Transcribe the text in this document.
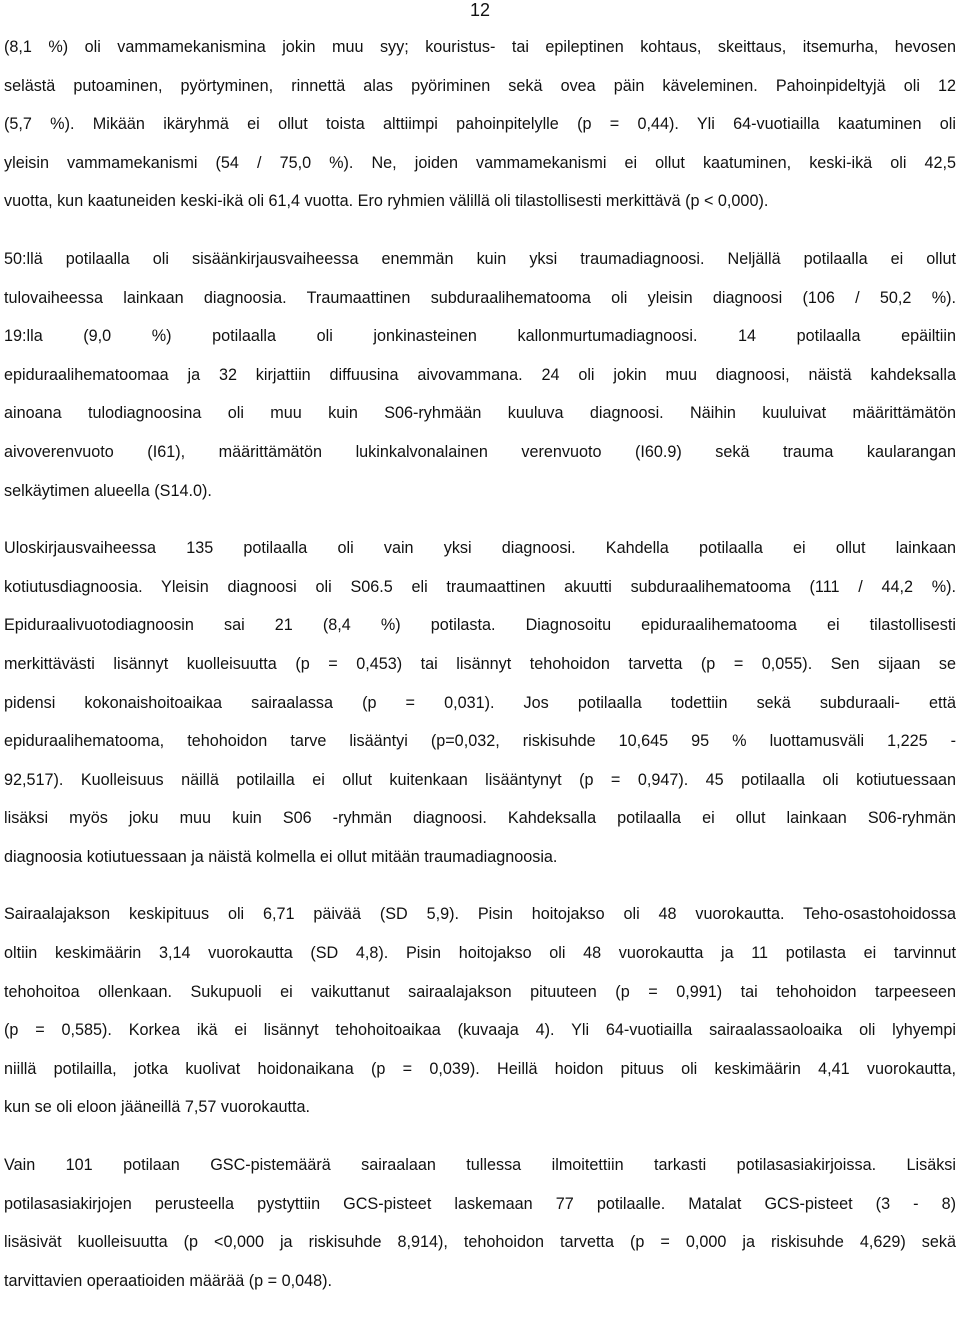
12

(8,1 %) oli vammamekanismina jokin muu syy; kouristus- tai epileptinen kohtaus, skeittaus, itsemurha, hevosen
selästä putoaminen, pyörtyminen, rinnettä alas pyöriminen sekä ovea päin käveleminen. Pahoinpideltyjä oli 12
(5,7 %). Mikään ikäryhmä ei ollut toista alttiimpi pahoinpitelylle (p = 0,44). Yli 64-vuotiailla kaatuminen oli
yleisin vammamekanismi (54 / 75,0 %). Ne, joiden vammamekanismi ei ollut kaatuminen, keski-ikä oli 42,5
vuotta, kun kaatuneiden keski-ikä oli 61,4 vuotta. Ero ryhmien välillä oli tilastollisesti merkittävä (p < 0,000).

50:llä potilaalla oli sisäänkirjausvaiheessa enemmän kuin yksi traumadiagnoosi. Neljällä potilaalla ei ollut
tulovaiheessa lainkaan diagnoosia. Traumaattinen subduraalihematooma oli yleisin diagnoosi (106 / 50,2 %).
19:lla (9,0 %) potilaalla oli jonkinasteinen kallonmurtumadiagnoosi. 14 potilaalla epäiltiin
epiduraalihematoomaa ja 32 kirjattiin diffuusina aivovammana. 24 oli jokin muu diagnoosi, näistä kahdeksalla
ainoana tulodiagnoosina oli muu kuin S06-ryhmään kuuluva diagnoosi. Näihin kuuluivat määrittämätön
aivoverenvuoto (I61), määrittämätön lukinkalvonalainen verenvuoto (I60.9) sekä trauma kaularangan
selkäytimen alueella (S14.0).

Uloskirjausvaiheessa 135 potilaalla oli vain yksi diagnoosi. Kahdella potilaalla ei ollut lainkaan
kotiutusdiagnoosia. Yleisin diagnoosi oli S06.5 eli traumaattinen akuutti subduraalihematooma (111 / 44,2 %).
Epiduraalivuotodiagnoosin sai 21 (8,4 %) potilasta. Diagnosoitu epiduraalihematooma ei tilastollisesti
merkittävästi lisännyt kuolleisuutta (p = 0,453) tai lisännyt tehohoidon tarvetta (p = 0,055). Sen sijaan se
pidensi kokonaishoitoaikaa sairaalassa (p = 0,031). Jos potilaalla todettiin sekä subduraali- että
epiduraalihematooma, tehohoidon tarve lisääntyi (p=0,032, riskisuhde 10,645 95 % luottamusväli 1,225 -
92,517). Kuolleisuus näillä potilailla ei ollut kuitenkaan lisääntynyt (p = 0,947). 45 potilaalla oli kotiutuessaan
lisäksi myös joku muu kuin S06 -ryhmän diagnoosi. Kahdeksalla potilaalla ei ollut lainkaan S06-ryhmän
diagnoosia kotiutuessaan ja näistä kolmella ei ollut mitään traumadiagnoosia.

Sairaalajakson keskipituus oli 6,71 päivää (SD 5,9). Pisin hoitojakso oli 48 vuorokautta. Teho-osastohoidossa
oltiin keskimäärin 3,14 vuorokautta (SD 4,8). Pisin hoitojakso oli 48 vuorokautta ja 11 potilasta ei tarvinnut
tehohoitoa ollenkaan. Sukupuoli ei vaikuttanut sairaalajakson pituuteen (p = 0,991) tai tehohoidon tarpeeseen
(p = 0,585). Korkea ikä ei lisännyt tehohoitoaikaa (kuvaaja 4). Yli 64-vuotiailla sairaalassaoloaika oli lyhyempi
niillä potilailla, jotka kuolivat hoidonaikana (p = 0,039). Heillä hoidon pituus oli keskimäärin 4,41 vuorokautta,
kun se oli eloon jääneillä 7,57 vuorokautta.

Vain 101 potilaan GSC-pistemäärä sairaalaan tullessa ilmoitettiin tarkasti potilasasiakirjoissa. Lisäksi
potilasasiakirjojen perusteella pystyttiin GCS-pisteet laskemaan 77 potilaalle. Matalat GCS-pisteet (3 - 8)
lisäsivät kuolleisuutta (p <0,000 ja riskisuhde 8,914), tehohoidon tarvetta (p = 0,000 ja riskisuhde 4,629) sekä
tarvittavien operaatioiden määrää (p = 0,048).
